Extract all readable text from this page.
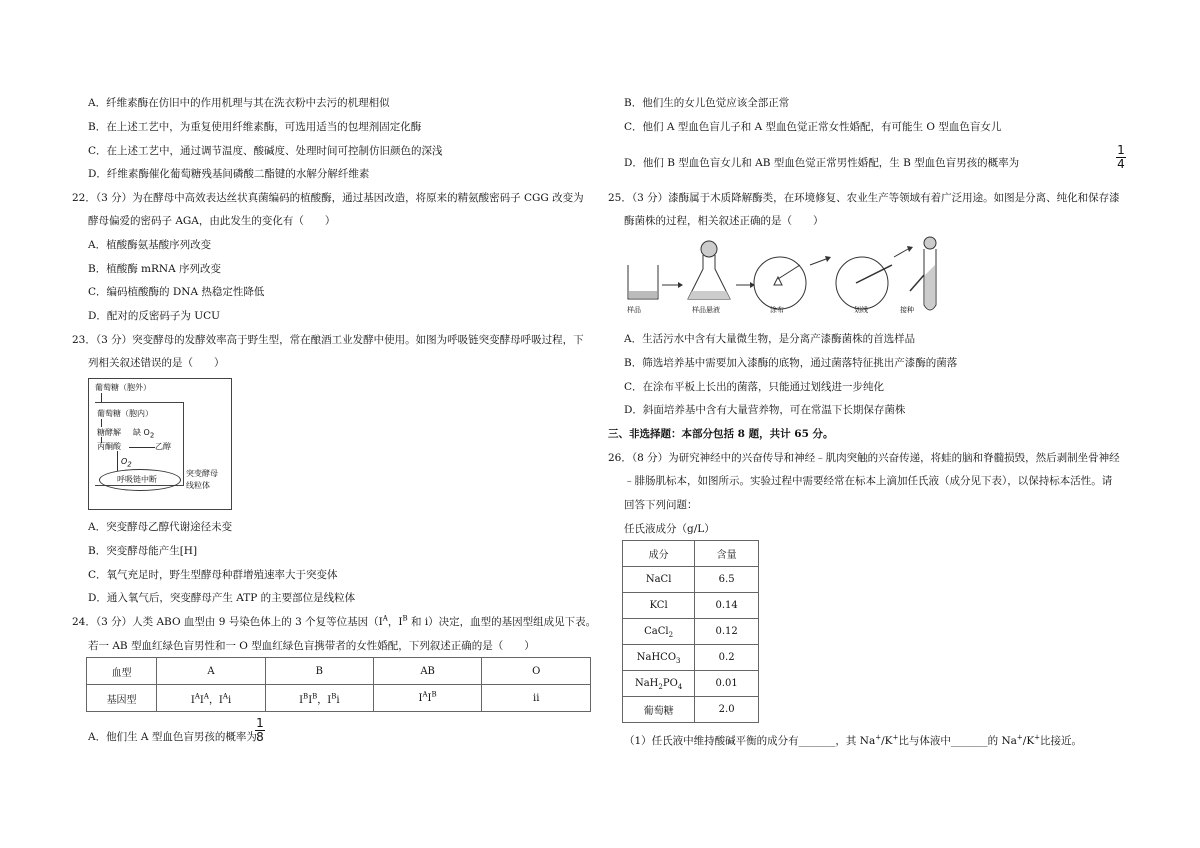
A．纤维素酶在仿旧中的作用机理与其在洗衣粉中去污的机理相似
B．在上述工艺中，为重复使用纤维素酶，可选用适当的包埋剂固定化酶
C．在上述工艺中，通过调节温度、酸碱度、处理时间可控制仿旧颜色的深浅
D．纤维素酶催化葡萄糖残基间磷酸二酯键的水解分解纤维素
22．（3 分）为在酵母中高效表达丝状真菌编码的植酸酶，通过基因改造，将原来的精氨酸密码子 CGG 改变为
酵母偏爱的密码子 AGA，由此发生的变化有（　　）
A．植酸酶氨基酸序列改变
B．植酸酶 mRNA 序列改变
C．编码植酸酶的 DNA 热稳定性降低
D．配对的反密码子为 UCU
23．（3 分）突变酵母的发酵效率高于野生型，常在酿酒工业发酵中使用。如图为呼吸链突变酵母呼吸过程，下
列相关叙述错误的是（　　）
葡萄糖（胞外）
葡萄糖（胞内）
糖酵解 缺 $O_2$
丙酮酸	乙醇
$O_2$
呼吸链中断
突变酵母
线粒体
A．突变酵母乙醇代谢途径未变
B．突变酵母能产生[H]
C．氧气充足时，野生型酵母种群增殖速率大于突变体
D．通入氧气后，突变酵母产生 ATP 的主要部位是线粒体
24．（3 分）人类 ABO 血型由 9 号染色体上的 3 个复等位基因（$I^A$，$I^B$ 和 i）决定，血型的基因型组成见下表。
若一 AB 型血红绿色盲男性和一 O 型血红绿色盲携带者的女性婚配，下列叙述正确的是（　　）
血型	A	B	AB	O
基因型	$I^AI^A$，$I^Ai$	$I^BI^B$，$I^Bi$	$I^AI^B$	ii
A．他们生 A 型血色盲男孩的概率为
1
8
B．他们生的女儿色觉应该全部正常
C．他们 A 型血色盲儿子和 A 型血色觉正常女性婚配，有可能生 O 型血色盲女儿
D．他们 B 型血色盲女儿和 AB 型血色觉正常男性婚配，生 B 型血色盲男孩的概率为
1
4
25．（3 分）漆酶属于木质降解酶类，在环境修复、农业生产等领域有着广泛用途。如图是分离、纯化和保存漆
酶菌株的过程，相关叙述正确的是（　　）
样品	样品悬液	涂布	划线	接种
A．生活污水中含有大量微生物，是分离产漆酶菌株的首选样品
B．筛选培养基中需要加入漆酶的底物，通过菌落特征挑出产漆酶的菌落
C．在涂布平板上长出的菌落，只能通过划线进一步纯化
D．斜面培养基中含有大量营养物，可在常温下长期保存菌株
三、非选择题：本部分包括 8 题，共计 65 分。
26．（8 分）为研究神经中的兴奋传导和神经﹣肌肉突触的兴奋传递，将蛙的脑和脊髓损毁，然后剥制坐骨神经
﹣腓肠肌标本，如图所示。实验过程中需要经常在标本上滴加任氏液（成分见下表），以保持标本活性。请
回答下列问题：
任氏液成分（g/L）
成分	含量
NaCl	6.5
KCl	0.14
CaCl$_2$	0.12
NaHCO$_3$	0.2
$NaH_2PO_4$	0.01
葡萄糖	2.0
（1）任氏液中维持酸碱平衡的成分有_______，其 Na+/K+比与体液中_______的 Na+/K+比接近。
